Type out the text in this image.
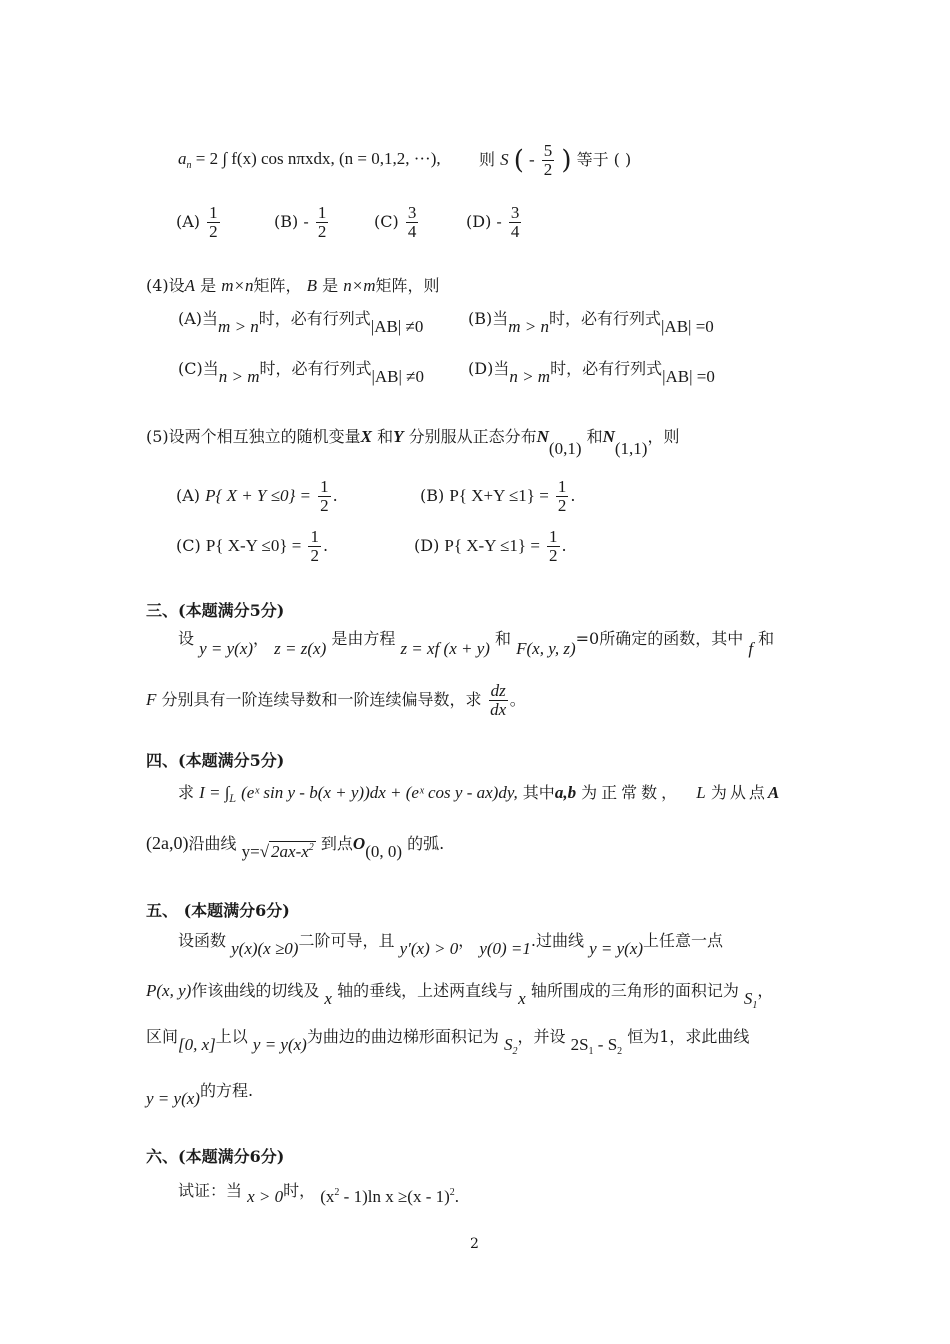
$a_n = 2$ ∫ f(x) cos nπxdx, (n = 0,1,2, ···), 则 S ( - $\frac{5}{2}$ ) 等于 ( )
$(A) \frac{1}{2}$	$(B) - \frac{1}{2}$	$(C) \frac{3}{4}$	$(D) - \frac{3}{4}$
(4)设A 是 m×n矩阵， B 是 n×m矩阵，则
(A)当m > n时，必有行列式|AB| ≠0	(B)当m > n时，必有行列式|AB| =0
(C)当n > m时，必有行列式|AB| ≠0	(D)当n > m时，必有行列式|AB| =0
(5)设两个相互独立的随机变量X 和Y 分别服从正态分布N(0,1) 和N(1,1)，则
(A) P{ $X + Y \le 0\} = \frac{1}{2}$ .	(B) P{ $X+Y \le 1\} = \frac{1}{2}$ .
(C) P{ $X-Y \le 0\} = \frac{1}{2}$ .	(D) P{ $X-Y \le 1\} = \frac{1}{2}$ .
三、(本题满分5分)
设 y = y(x)， z = z(x) 是由方程 z = xf (x + y) 和 F(x, y, z)=0所确定的函数，其中 f 和
F 分别具有一阶连续导数和一阶连续偏导数，求 $\frac{dz}{dx}$ 。
四、(本题满分5分)
求 $I = \int_L$ (eˣ sin y - b(x + y))dx + (eˣ cos y - ax)dy, 其中a,b 为正常数， L 为从点A
(2a,0)沿曲线 y=√ $2ax-x^2$ 到点O(0, 0) 的弧.
五、 (本题满分6分)
设函数 y(x)(x ≥0)二阶可导，且 y′(x) > 0， y(0) =1.过曲线 y = y(x)上任意一点
P(x, y)作该曲线的切线及 x 轴的垂线，上述两直线与 x 轴所围成的三角形的面积记为 $S_1$，
区间[0, x]上以 y = y(x)为曲边的曲边梯形面积记为 $S_2$，并设 $2S_1 - S_2$ 恒为1，求此曲线
y = y(x)的方程.
六、(本题满分6分)
试证：当 x > 0时， $(x^2 - 1)\ln$ x ≥(x - 1)$^2$.
2
